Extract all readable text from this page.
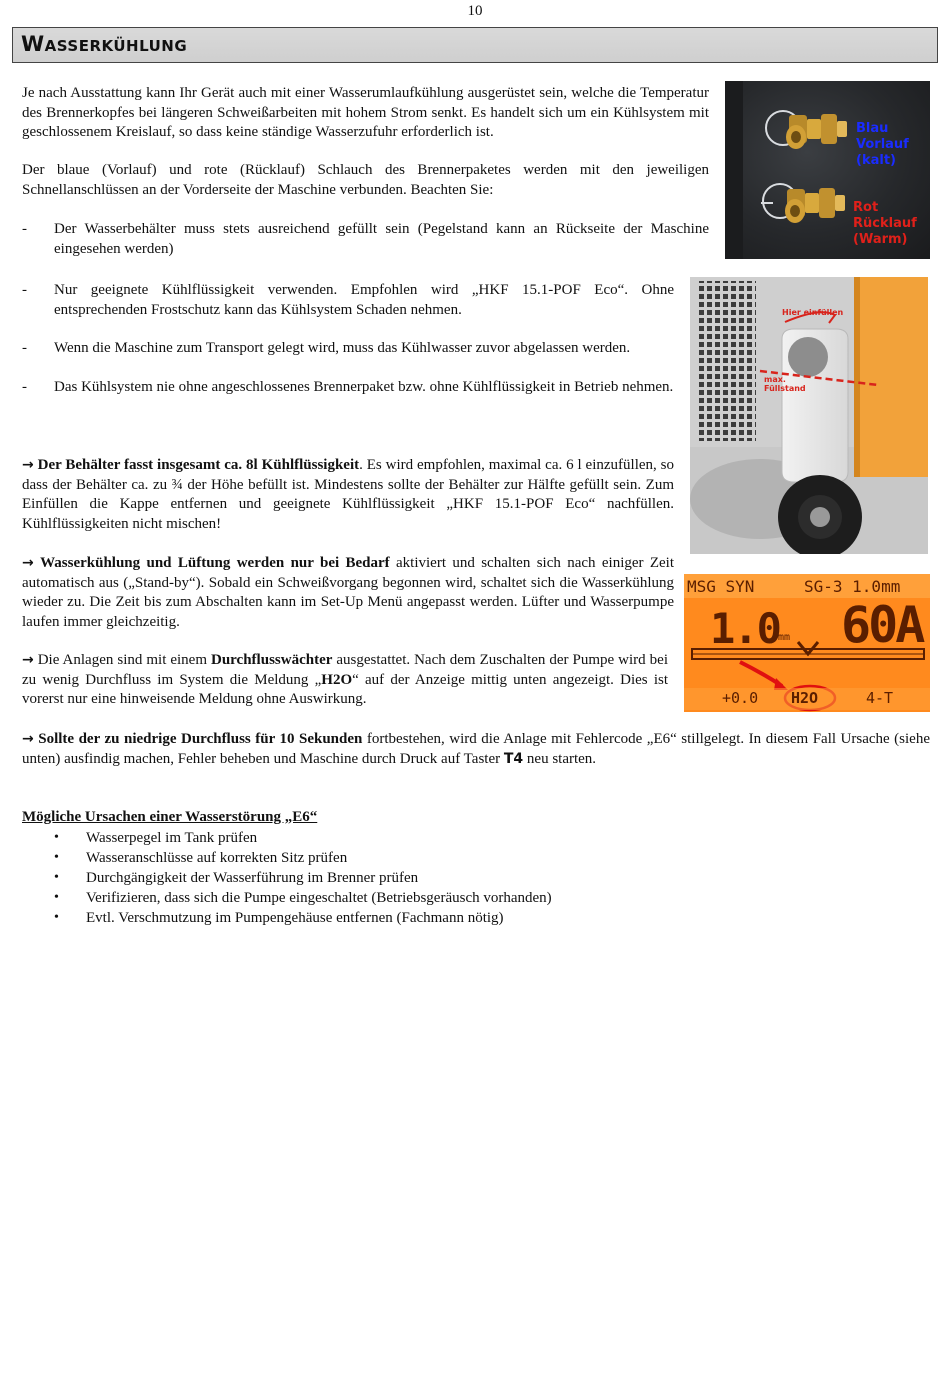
10
Wasserkühlung

Je nach Ausstattung kann Ihr Gerät auch mit einer Wasserumlaufkühlung ausgerüstet sein, welche die Temperatur des Brennerkopfes bei längeren Schweißarbeiten mit hohem Strom senkt. Es handelt sich um ein Kühlsystem mit geschlossenem Kreislauf, so dass keine ständige Wasserzufuhr erforderlich ist.

Der blaue (Vorlauf) und rote (Rücklauf) Schlauch des Brennerpaketes werden mit den jeweiligen Schnellanschlüssen an der Vorderseite der Maschine verbunden. Beachten Sie:

- Der Wasserbehälter muss stets ausreichend gefüllt sein (Pegelstand kann an Rückseite der Maschine eingesehen werden)

- Nur geeignete Kühlflüssigkeit verwenden. Empfohlen wird „HKF 15.1-POF Eco“. Ohne entsprechenden Frostschutz kann das Kühlsystem Schaden nehmen.

- Wenn die Maschine zum Transport gelegt wird, muss das Kühlwasser zuvor abgelassen werden.

- Das Kühlsystem nie ohne angeschlossenes Brennerpaket bzw. ohne Kühlflüssigkeit in Betrieb nehmen.

→ Der Behälter fasst insgesamt ca. 8l Kühlflüssigkeit. Es wird empfohlen, maximal ca. 6 l einzufüllen, so dass der Behälter ca. zu ¾ der Höhe befüllt ist. Mindestens sollte der Behälter zur Hälfte gefüllt sein. Zum Einfüllen die Kappe entfernen und geeignete Kühlflüssigkeit „HKF 15.1-POF Eco“ nachfüllen. Kühlflüssigkeiten nicht mischen!

→ Wasserkühlung und Lüftung werden nur bei Bedarf aktiviert und schalten sich nach einiger Zeit automatisch aus („Stand-by“). Sobald ein Schweißvorgang begonnen wird, schaltet sich die Wasserkühlung wieder zu. Die Zeit bis zum Abschalten kann im Set-Up Menü angepasst werden. Lüfter und Wasserpumpe laufen immer gleichzeitig.

→ Die Anlagen sind mit einem Durchflusswächter ausgestattet. Nach dem Zuschalten der Pumpe wird bei zu wenig Durchfluss im System die Meldung „H2O“ auf der Anzeige mittig unten angezeigt. Dies ist vorerst nur eine hinweisende Meldung ohne Auswirkung.

→ Sollte der zu niedrige Durchfluss für 10 Sekunden fortbestehen, wird die Anlage mit Fehlercode „E6“ stillgelegt. In diesem Fall Ursache (siehe unten) ausfindig machen, Fehler beheben und Maschine durch Druck auf Taster T4 neu starten.

Mögliche Ursachen einer Wasserstörung „E6“
• Wasserpegel im Tank prüfen
• Wasseranschlüsse auf korrekten Sitz prüfen
• Durchgängigkeit der Wasserführung im Brenner prüfen
• Verifizieren, dass sich die Pumpe eingeschaltet (Betriebsgeräusch vorhanden)
• Evtl. Verschmutzung im Pumpengehäuse entfernen (Fachmann nötig)
Blau
Vorlauf
(kalt)
Rot
Rücklauf
(Warm)
Hier einfüllen
max.
Füllstand
MSG SYN	SG-3 1.0mm
1.0
mm 60A
+0.0 H2O	4-T
